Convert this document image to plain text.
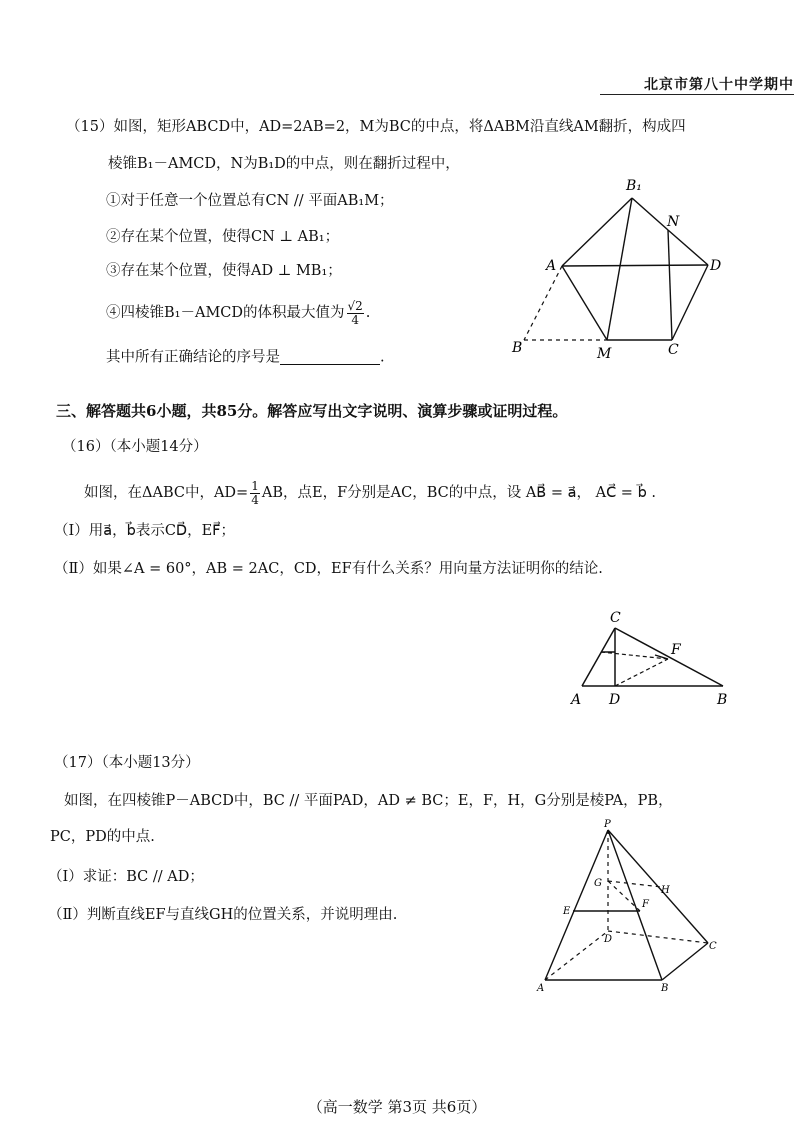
北京市第八十中学期中
（15）如图，矩形ABCD中，AD=2AB=2，M为BC的中点，将ΔABM沿直线AM翻折，构成四
棱锥B₁－AMCD，N为B₁D的中点，则在翻折过程中，
①对于任意一个位置总有CN // 平面AB₁M；
②存在某个位置，使得CN ⊥ AB₁；
③存在某个位置，使得AD ⊥ MB₁；
④四棱锥B₁－AMCD的体积最大值为 $\frac{√2}{4}$ .
其中所有正确结论的序号是	.
B₁
N
A	D
B	M	C
三、解答题共6小题，共85分。解答应写出文字说明、演算步骤或证明过程。
（16）（本小题14分）
如图，在ΔABC中，$AD= \frac{1}{4}$ AB，点E，F分别是AC，BC的中点，设 AB⃗ = a⃗， AC⃗ = b⃗ .
（Ⅰ）用a⃗，b⃗表示CD⃗，EF⃗；
（Ⅱ）如果∠A = 60°，AB = 2AC，CD，EF有什么关系？用向量方法证明你的结论.
C
F
A D	B
（17）（本小题13分）
如图，在四棱锥P－ABCD中，BC // 平面PAD，AD ≠ BC；E，F，H，G分别是棱PA，PB，
PC，PD的中点.
（Ⅰ）求证：BC // AD；
（Ⅱ）判断直线EF与直线GH的位置关系，并说明理由.
P
G
H
E
F
D
C
A	B
（高一数学 第3页 共6页）
